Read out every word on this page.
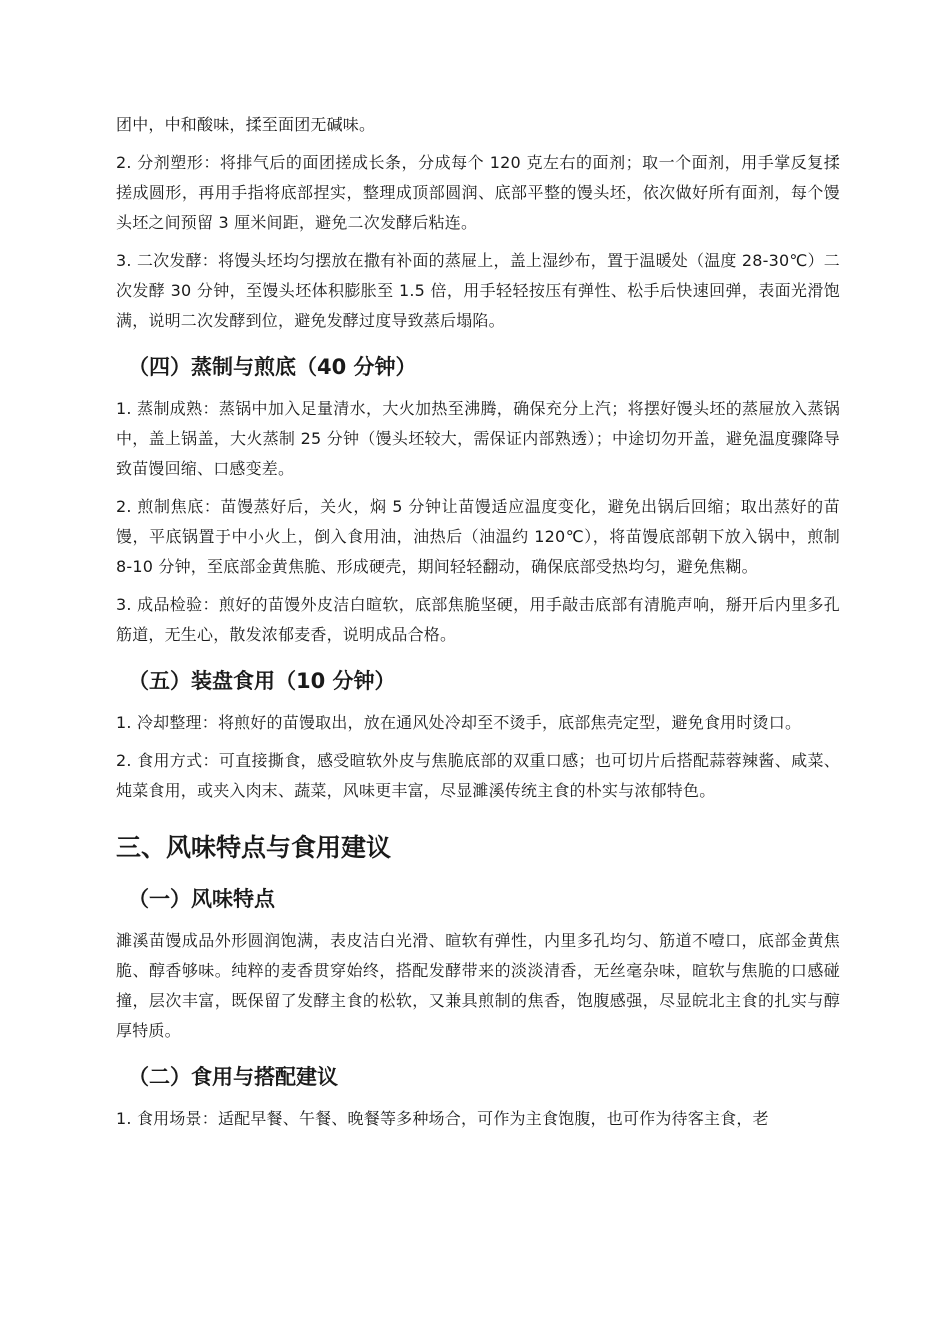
团中，中和酸味，揉至面团无碱味。

2. 分剂塑形：将排气后的面团搓成长条，分成每个 120 克左右的面剂；取一个面剂，用手掌反复揉搓成圆形，再用手指将底部捏实，整理成顶部圆润、底部平整的馒头坯，依次做好所有面剂，每个馒头坯之间预留 3 厘米间距，避免二次发酵后粘连。

3. 二次发酵：将馒头坯均匀摆放在撒有补面的蒸屉上，盖上湿纱布，置于温暖处（温度 28-30℃）二次发酵 30 分钟，至馒头坯体积膨胀至 1.5 倍，用手轻轻按压有弹性、松手后快速回弹，表面光滑饱满，说明二次发酵到位，避免发酵过度导致蒸后塌陷。

（四）蒸制与煎底（40 分钟）

1. 蒸制成熟：蒸锅中加入足量清水，大火加热至沸腾，确保充分上汽；将摆好馒头坯的蒸屉放入蒸锅中，盖上锅盖，大火蒸制 25 分钟（馒头坯较大，需保证内部熟透）；中途切勿开盖，避免温度骤降导致苗馒回缩、口感变差。

2. 煎制焦底：苗馒蒸好后，关火，焖 5 分钟让苗馒适应温度变化，避免出锅后回缩；取出蒸好的苗馒，平底锅置于中小火上，倒入食用油，油热后（油温约 120℃），将苗馒底部朝下放入锅中，煎制 8-10 分钟，至底部金黄焦脆、形成硬壳，期间轻轻翻动，确保底部受热均匀，避免焦糊。

3. 成品检验：煎好的苗馒外皮洁白暄软，底部焦脆坚硬，用手敲击底部有清脆声响，掰开后内里多孔筋道，无生心，散发浓郁麦香，说明成品合格。

（五）装盘食用（10 分钟）

1. 冷却整理：将煎好的苗馒取出，放在通风处冷却至不烫手，底部焦壳定型，避免食用时烫口。

2. 食用方式：可直接撕食，感受暄软外皮与焦脆底部的双重口感；也可切片后搭配蒜蓉辣酱、咸菜、炖菜食用，或夹入肉末、蔬菜，风味更丰富，尽显濉溪传统主食的朴实与浓郁特色。

三、风味特点与食用建议
（一）风味特点

濉溪苗馒成品外形圆润饱满，表皮洁白光滑、暄软有弹性，内里多孔均匀、筋道不噎口，底部金黄焦脆、醇香够味。纯粹的麦香贯穿始终，搭配发酵带来的淡淡清香，无丝毫杂味，暄软与焦脆的口感碰撞，层次丰富，既保留了发酵主食的松软，又兼具煎制的焦香，饱腹感强，尽显皖北主食的扎实与醇厚特质。

（二）食用与搭配建议

1. 食用场景：适配早餐、午餐、晚餐等多种场合，可作为主食饱腹，也可作为待客主食，老
